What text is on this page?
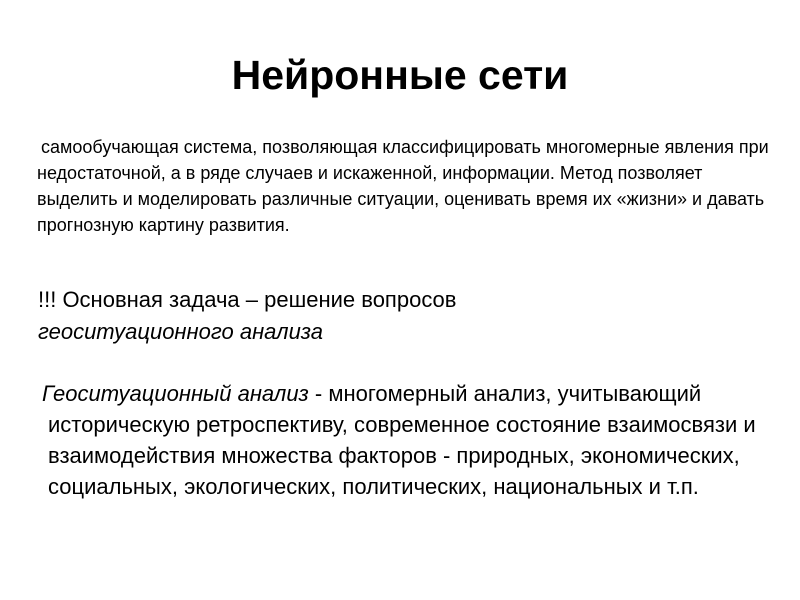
Нейронные сети

самообучающая система, позволяющая классифицировать многомерные явления при недостаточной, а в ряде случаев и искаженной, информации. Метод позволяет выделить и моделировать различные ситуации, оценивать время их «жизни» и давать прогнозную картину развития.

!!! Основная задача – решение вопросов
геоситуационного анализа

Геоситуационный анализ - многомерный анализ, учитывающий историческую ретроспективу, современное состояние взаимосвязи и взаимодействия множества факторов - природных, экономических, социальных, экологических, политических, национальных и т.п.
